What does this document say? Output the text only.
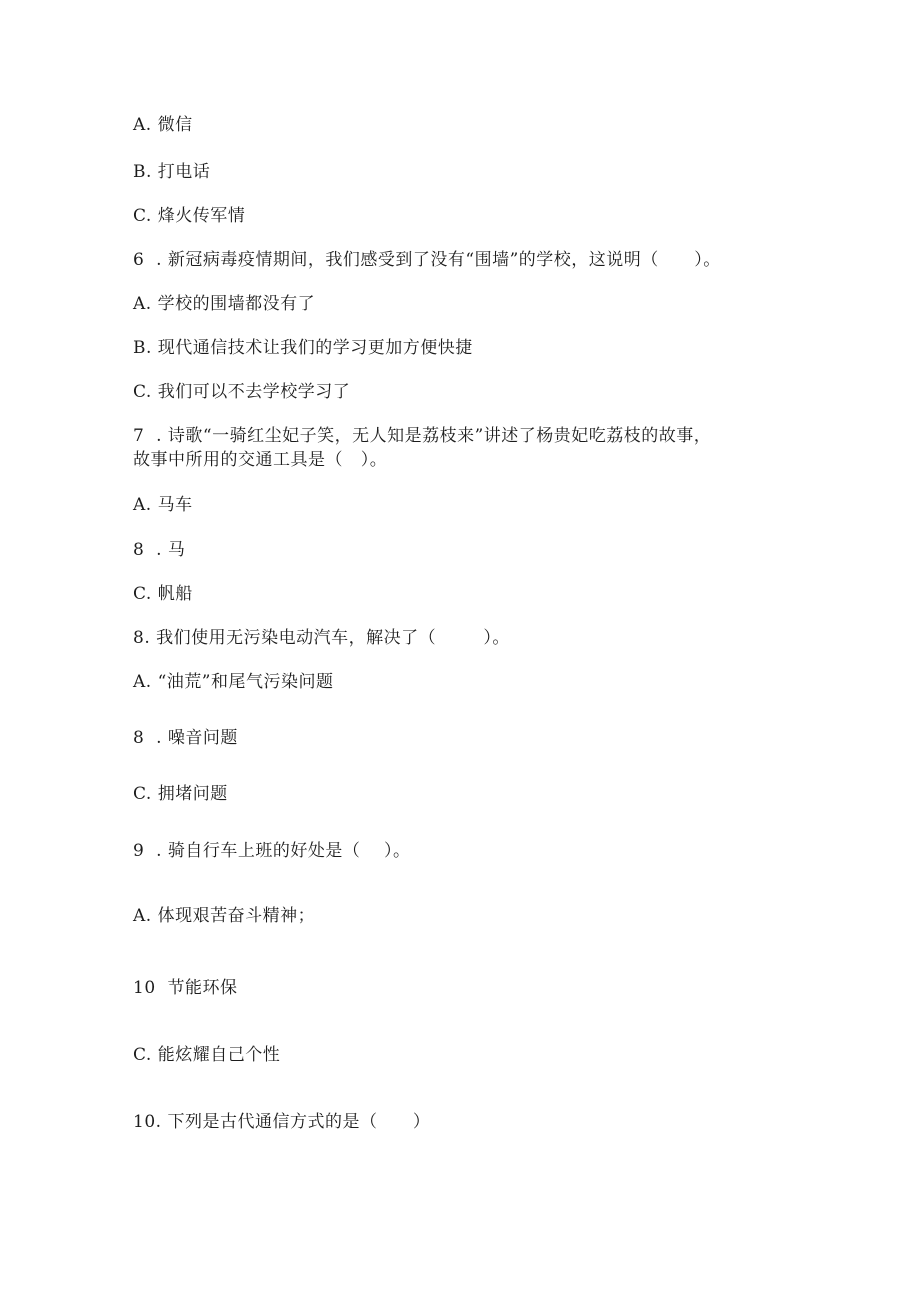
A. 微信
B. 打电话
C. 烽火传军情
6  . 新冠病毒疫情期间，我们感受到了没有“围墙”的学校，这说明（      ）。
A. 学校的围墙都没有了
B. 现代通信技术让我们的学习更加方便快捷
C. 我们可以不去学校学习了
7  . 诗歌“一骑红尘妃子笑，无人知是荔枝来”讲述了杨贵妃吃荔枝的故事，
故事中所用的交通工具是（   ）。
A. 马车
8  . 马
C. 帆船
8. 我们使用无污染电动汽车，解决了（        ）。
A. “油荒”和尾气污染问题
8  . 噪音问题
C. 拥堵问题
9  . 骑自行车上班的好处是（    ）。
A. 体现艰苦奋斗精神；
10  节能环保
C. 能炫耀自己个性
10. 下列是古代通信方式的是（      ）
